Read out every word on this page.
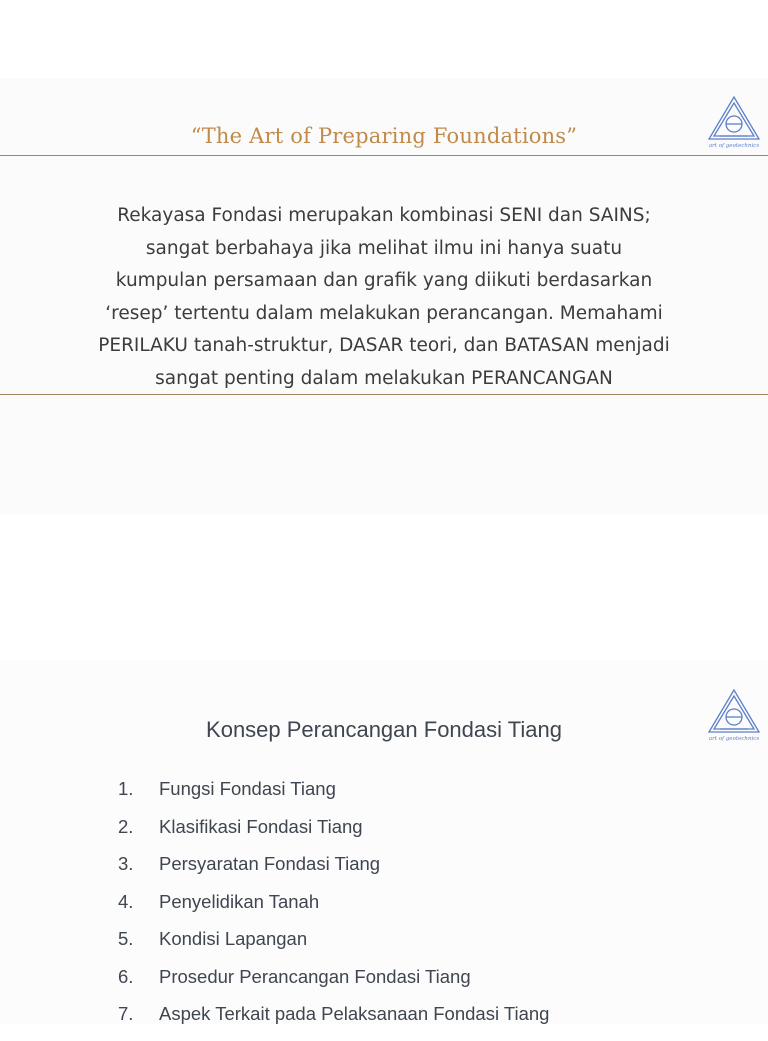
“The Art of Preparing Foundations”	art of geotechnics
Rekayasa Fondasi merupakan kombinasi SENI dan SAINS;
sangat berbahaya jika melihat ilmu ini hanya suatu
kumpulan persamaan dan grafik yang diikuti berdasarkan
‘resep’ tertentu dalam melakukan perancangan. Memahami
PERILAKU tanah-struktur, DASAR teori, dan BATASAN menjadi
sangat penting dalam melakukan PERANCANGAN
art of geotechnics
Konsep Perancangan Fondasi Tiang
1. Fungsi Fondasi Tiang
2. Klasifikasi Fondasi Tiang
3. Persyaratan Fondasi Tiang
4. Penyelidikan Tanah
5. Kondisi Lapangan
6. Prosedur Perancangan Fondasi Tiang
7. Aspek Terkait pada Pelaksanaan Fondasi Tiang
